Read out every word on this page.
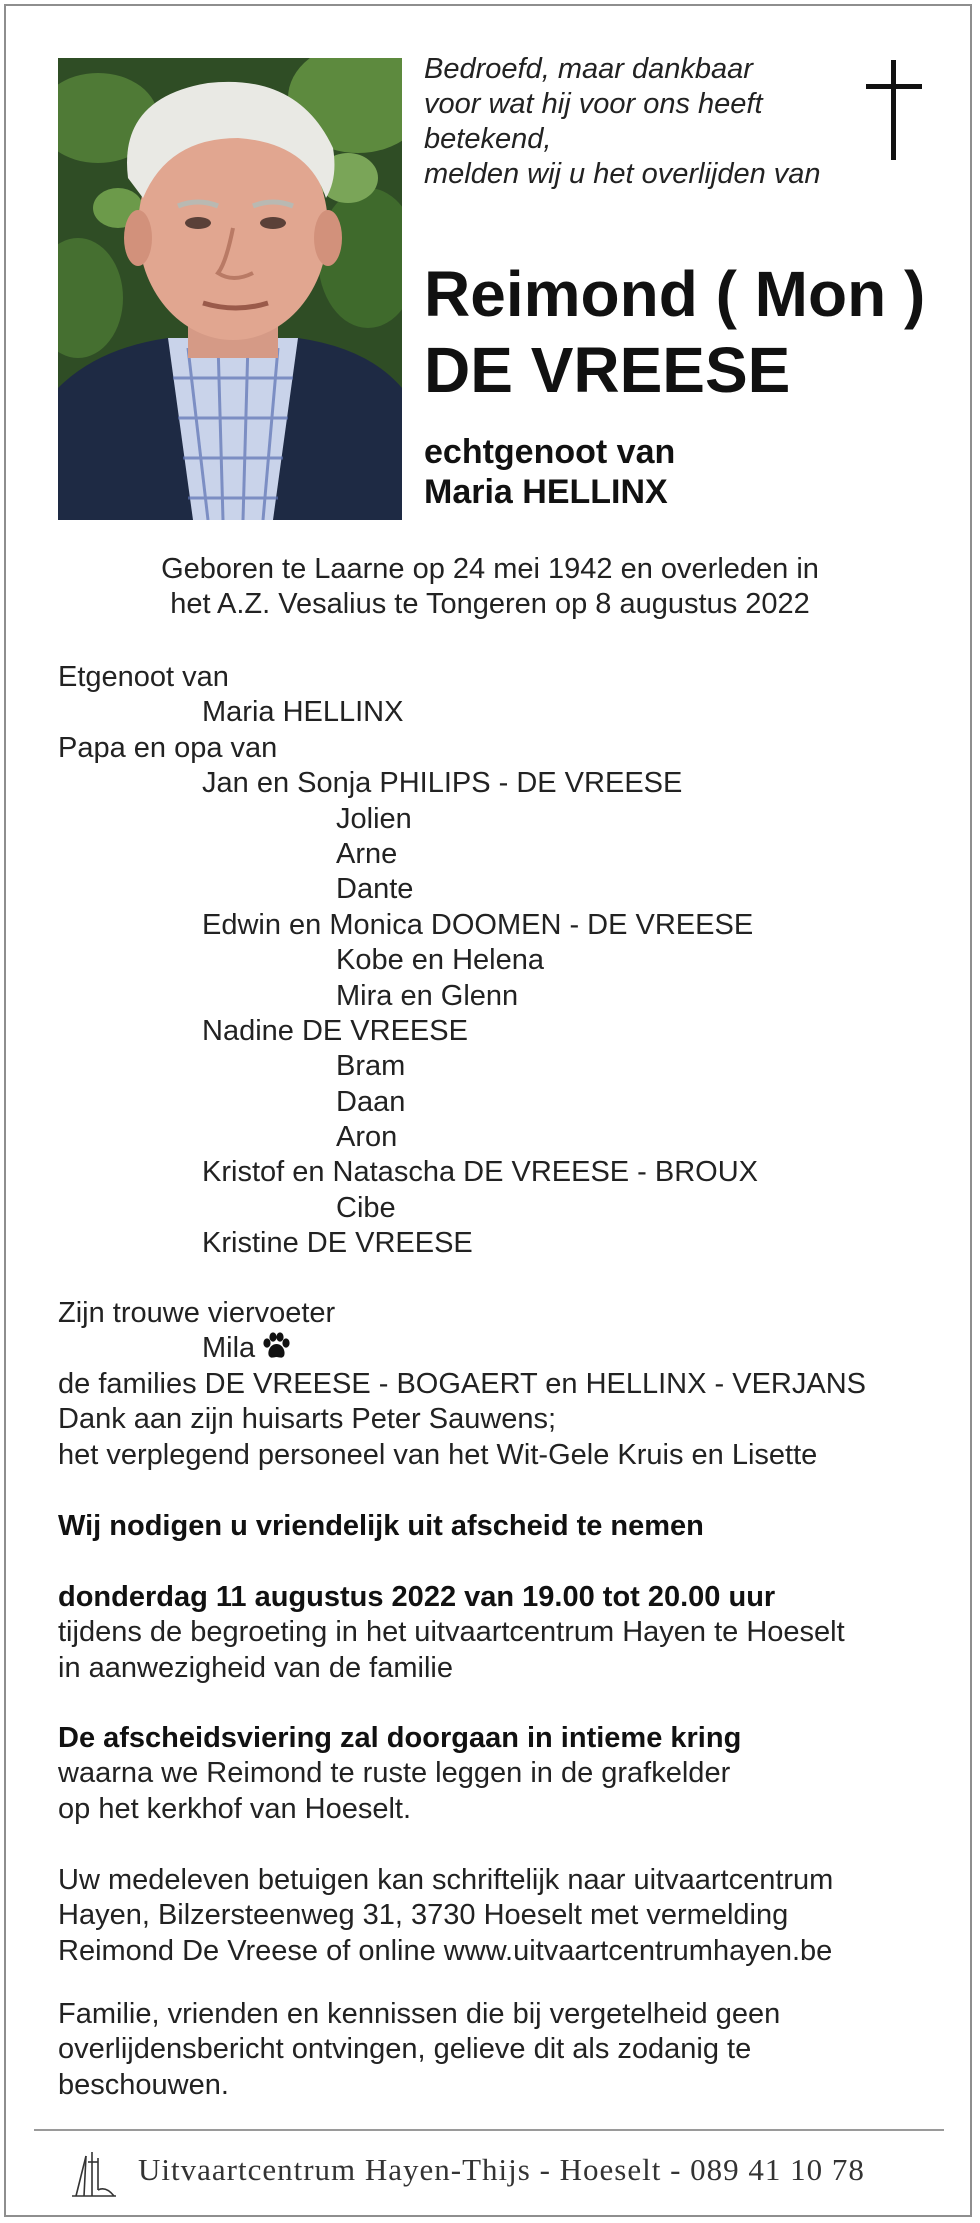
Bedroefd, maar dankbaar
voor wat hij voor ons heeft
betekend,
melden wij u het overlijden van
Reimond ( Mon )
DE VREESE
echtgenoot van
Maria HELLINX
Geboren te Laarne op 24 mei 1942 en overleden in
het A.Z. Vesalius te Tongeren op 8 augustus 2022
Etgenoot van
Maria HELLINX
Papa en opa van
Jan en Sonja PHILIPS - DE VREESE
Jolien
Arne
Dante
Edwin en Monica DOOMEN - DE VREESE
Kobe en Helena
Mira en Glenn
Nadine DE VREESE
Bram
Daan
Aron
Kristof en Natascha DE VREESE - BROUX
Cibe
Kristine DE VREESE
Zijn trouwe viervoeter
Mila
de families DE VREESE - BOGAERT en HELLINX - VERJANS
Dank aan zijn huisarts Peter Sauwens;
het verplegend personeel van het Wit-Gele Kruis en Lisette
Wij nodigen u vriendelijk uit afscheid te nemen
donderdag 11 augustus 2022 van 19.00 tot 20.00 uur
tijdens de begroeting in het uitvaartcentrum Hayen te Hoeselt
in aanwezigheid van de familie
De afscheidsviering zal doorgaan in intieme kring
waarna we Reimond te ruste leggen in de grafkelder
op het kerkhof van Hoeselt.
Uw medeleven betuigen kan schriftelijk naar uitvaartcentrum
Hayen, Bilzersteenweg 31, 3730 Hoeselt met vermelding
Reimond De Vreese of online www.uitvaartcentrumhayen.be
Familie, vrienden en kennissen die bij vergetelheid geen
overlijdensbericht ontvingen, gelieve dit als zodanig te
beschouwen.
Uitvaartcentrum Hayen-Thijs - Hoeselt - 089 41 10 78
